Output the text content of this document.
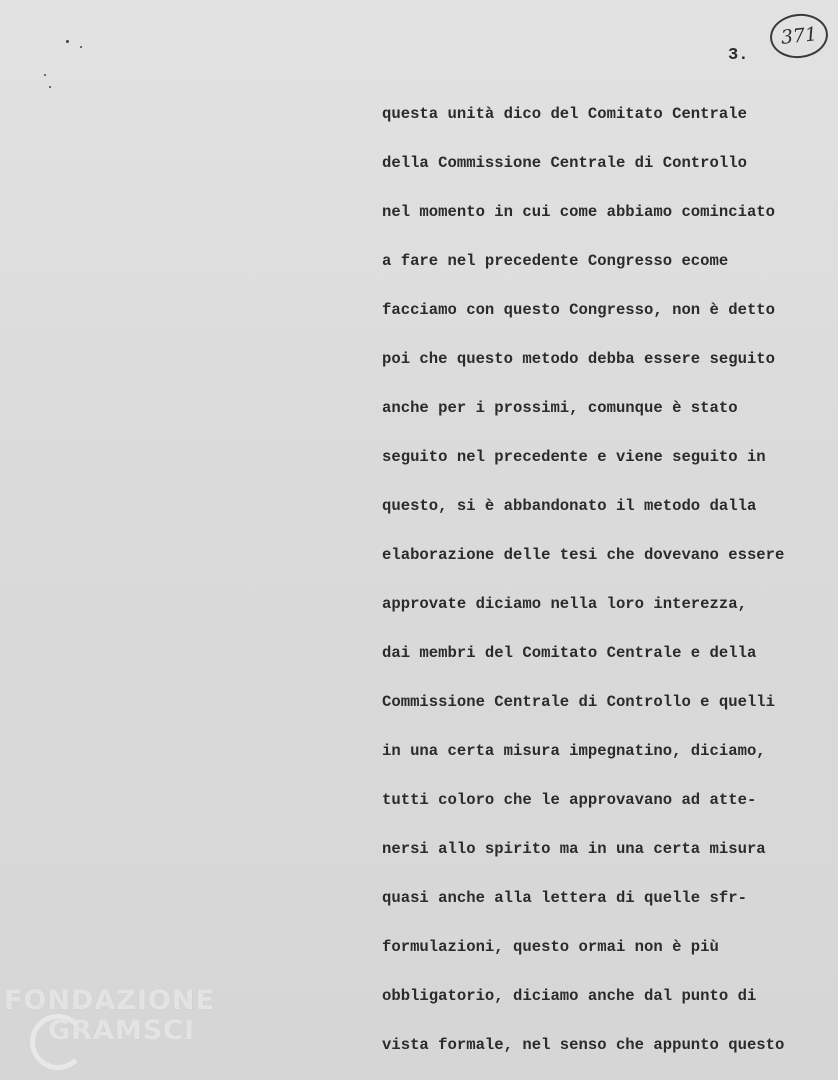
3.
371
questa unità dico del Comitato Centrale
della Commissione Centrale di Controllo
nel momento in cui come abbiamo cominciato
a fare nel precedente Congresso ecome
facciamo con questo Congresso, non è detto
poi che questo metodo debba essere seguito
anche per i prossimi, comunque è stato
seguito nel precedente e viene seguito in
questo, si è abbandonato il metodo dalla
elaborazione delle tesi che dovevano essere
approvate diciamo nella loro interezza,
dai membri del Comitato Centrale e della
Commissione Centrale di Controllo e quelli
in una certa misura impegnatino, diciamo,
tutti coloro che le approvavano ad atte-
nersi allo spirito ma in una certa misura
quasi anche alla lettera di quelle sfr-
formulazioni, questo ormai non è più
obbligatorio, diciamo anche dal punto di
vista formale, nel senso che appunto questo
FONDAZIONE
GRAMSCI
